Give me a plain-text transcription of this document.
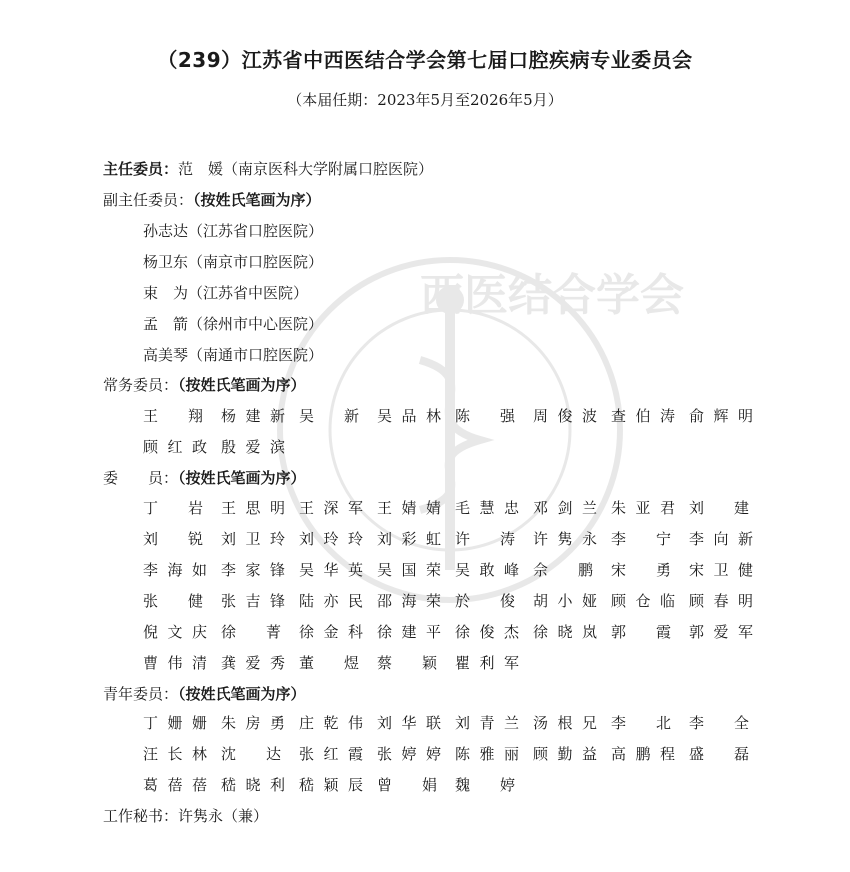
西医结合学会
（239）江苏省中西医结合学会第七届口腔疾病专业委员会
（本届任期：2023年5月至2026年5月）
主任委员：范　媛（南京医科大学附属口腔医院）
副主任委员：（按姓氏笔画为序）
孙志达（江苏省口腔医院）
杨卫东（南京市口腔医院）
束　为（江苏省中医院）
孟　箭（徐州市中心医院）
高美琴（南通市口腔医院）
常务委员：（按姓氏笔画为序）
王 翔 杨 建 新 吴 新 吴 品 林 陈 强 周 俊 波 查 伯 涛 俞 辉 明
顾 红 政 殷 爱 滨
委　　员：（按姓氏笔画为序）
丁 岩 王 思 明 王 深 军 王 婧 婧 毛 慧 忠 邓 剑 兰 朱 亚 君 刘 建
刘 锐 刘 卫 玲 刘 玲 玲 刘 彩 虹 许 涛 许 隽 永 李 宁 李 向 新
李 海 如 李 家 锋 吴 华 英 吴 国 荣 吴 敢 峰 佘 鹏 宋 勇 宋 卫 健
张 健 张 吉 锋 陆 亦 民 邵 海 荣 於 俊 胡 小 娅 顾 仓 临 顾 春 明
倪 文 庆 徐 菁 徐 金 科 徐 建 平 徐 俊 杰 徐 晓 岚 郭 霞 郭 爱 军
曹 伟 清 龚 爱 秀 董 煜 蔡 颖 瞿 利 军
青年委员：（按姓氏笔画为序）
丁 姗 姗 朱 房 勇 庄 乾 伟 刘 华 联 刘 青 兰 汤 根 兄 李 北 李 全
汪 长 林 沈 达 张 红 霞 张 婷 婷 陈 雅 丽 顾 勤 益 高 鹏 程 盛 磊
葛 蓓 蓓 嵇 晓 利 嵇 颖 辰 曾 娟 魏 婷
工作秘书：许隽永（兼）
